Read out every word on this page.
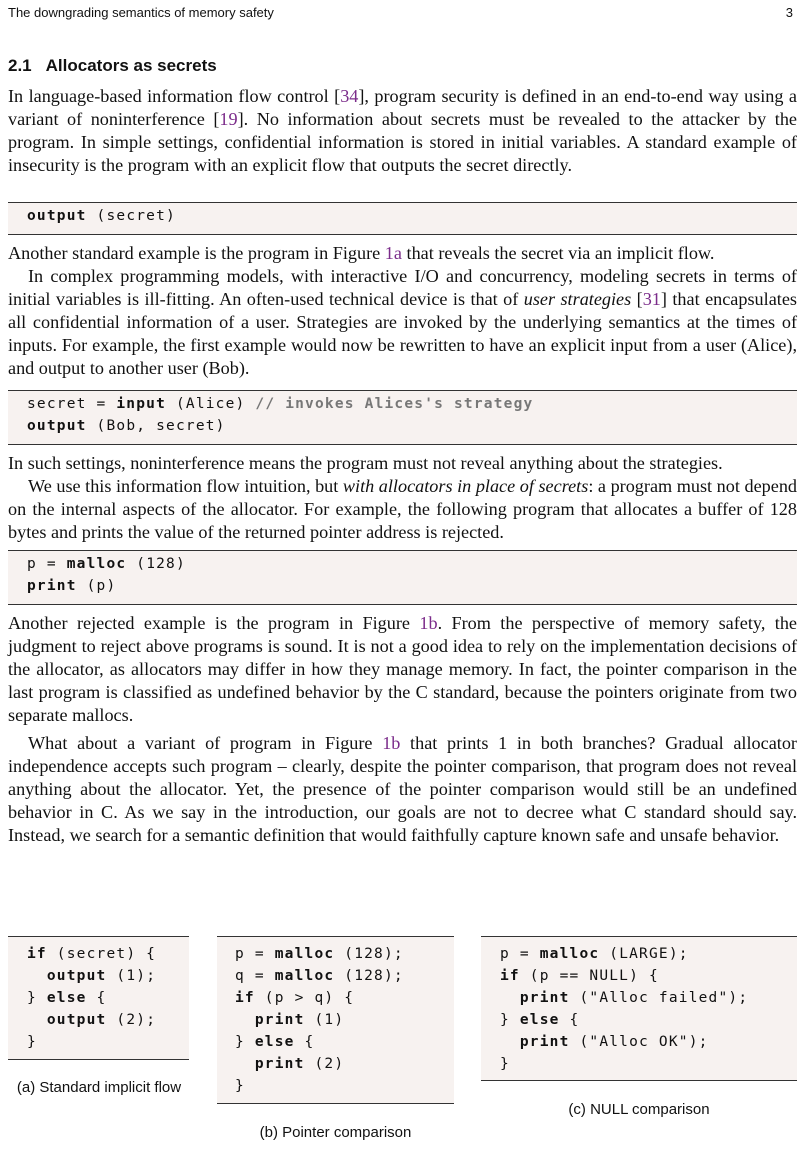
The downgrading semantics of memory safety	3
2.1 Allocators as secrets

In language-based information flow control [34], program security is defined in an end-to-end way using a variant of noninterference [19]. No information about secrets must be revealed to the attacker by the program. In simple settings, confidential information is stored in initial variables. A standard example of insecurity is the program with an explicit flow that outputs the secret directly.

output (secret)

Another standard example is the program in Figure 1a that reveals the secret via an implicit flow.

In complex programming models, with interactive I/O and concurrency, modeling secrets in terms of initial variables is ill-fitting. An often-used technical device is that of user strategies [31] that encapsulates all confidential information of a user. Strategies are invoked by the underlying semantics at the times of inputs. For example, the first example would now be rewritten to have an explicit input from a user (Alice), and output to another user (Bob).

secret = input (Alice) // invokes Alices's strategy
output (Bob, secret)

In such settings, noninterference means the program must not reveal anything about the strategies.

We use this information flow intuition, but with allocators in place of secrets: a program must not depend on the internal aspects of the allocator. For example, the following program that allocates a buffer of 128 bytes and prints the value of the returned pointer address is rejected.

p = malloc (128)
print (p)

Another rejected example is the program in Figure 1b. From the perspective of memory safety, the judgment to reject above programs is sound. It is not a good idea to rely on the implementation decisions of the allocator, as allocators may differ in how they manage memory. In fact, the pointer comparison in the last program is classified as undefined behavior by the C standard, because the pointers originate from two separate mallocs.

What about a variant of program in Figure 1b that prints 1 in both branches? Gradual allocator independence accepts such program – clearly, despite the pointer comparison, that program does not reveal anything about the allocator. Yet, the presence of the pointer comparison would still be an undefined behavior in C. As we say in the introduction, our goals are not to decree what C standard should say. Instead, we search for a semantic definition that would faithfully capture known safe and unsafe behavior.

if (secret) {
output (1);
} else {
output (2);
}
(a) Standard implicit flow
p = malloc (128);
q = malloc (128);
if (p > q) {
print (1)
} else {
print (2)
}
(b) Pointer comparison
p = malloc (LARGE);
if (p == NULL) {
print ("Alloc failed");
} else {
print ("Alloc OK");
}
(c) NULL comparison
